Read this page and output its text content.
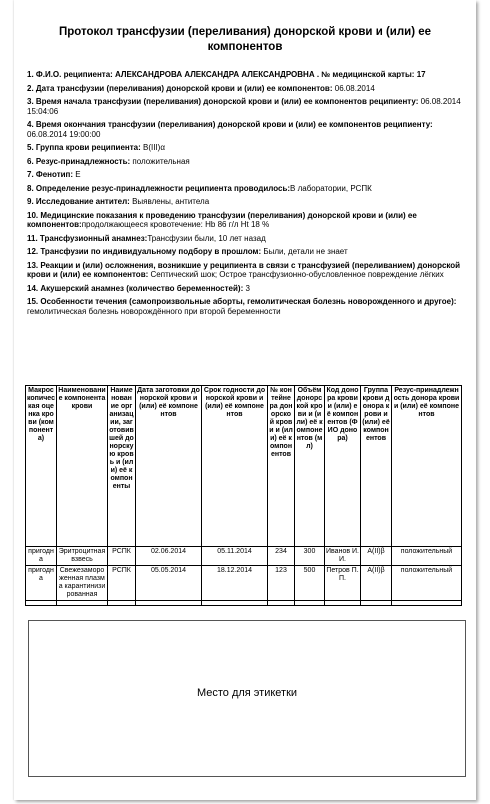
Протокол трансфузии (переливания) донорской крови и (или) ее компонентов
1. Ф.И.О. реципиента: АЛЕКСАНДРОВА АЛЕКСАНДРА АЛЕКСАНДРОВНА . № медицинской карты: 17
2. Дата трансфузии (переливания) донорской крови и (или) ее компонентов: 06.08.2014
3. Время начала трансфузии (переливания) донорской крови и (или) ее компонентов реципиенту: 06.08.2014 15:04:06
4. Время окончания трансфузии (переливания) донорской крови и (или) ее компонентов реципиенту: 06.08.2014 19:00:00
5. Группа крови реципиента: B(III)α
6. Резус-принадлежность: положительная
7. Фенотип: E
8. Определение резус-принадлежности реципиента проводилось:В лаборатории, РСПК
9. Исследование антител: Выявлены, антитела
10. Медицинские показания к проведению трансфузии (переливания) донорской крови и (или) ее компонентов:продолжающееся кровотечение: Hb 86 г/л Ht 18 %
11. Трансфузионный анамнез:Трансфузии были, 10 лет назад
12. Трансфузии по индивидуальному подбору в прошлом: Были, детали не знает
13. Реакции и (или) осложнения, возникшие у реципиента в связи с трансфузией (переливанием) донорской крови и (или) ее компонентов: Септический шок; Острое трансфузионно-обусловленное повреждение лёгких
14. Акушерский анамнез (количество беременностей): 3
15. Особенности течения (самопроизвольные аборты, гемолитическая болезнь новорожденного и другое): гемолитическая болезнь новорождённого при второй беременности
Макроскопическая оценка крови (компонента)	Наименование компонента крови	Наименование организации, заготовившей донорскую кровь и (или) её компоненты	Дата заготовки донорской крови и (или) её компонентов	Срок годности донорской крови и (или) её компонентов	№ контейнера донорской крови и (или) её компонентов	Объём донорской крови и (или) её компонентов (мл)	Код донора крови и (или) её компонентов (ФИО донора)	Группа крови донора крови и (или) её компонентов	Резус-принадлежность донора крови и (или) её компонентов
пригодна	Эритроцитная взвесь	РСПК	02.06.2014	05.11.2014	234	300	Иванов И.И.	A(II)β	положительный
пригодна	Свежезамороженная плазма карантинизированная	РСПК	05.05.2014	18.12.2014	123	500	Петров П.П.	A(II)β	положительный

Место для этикетки
